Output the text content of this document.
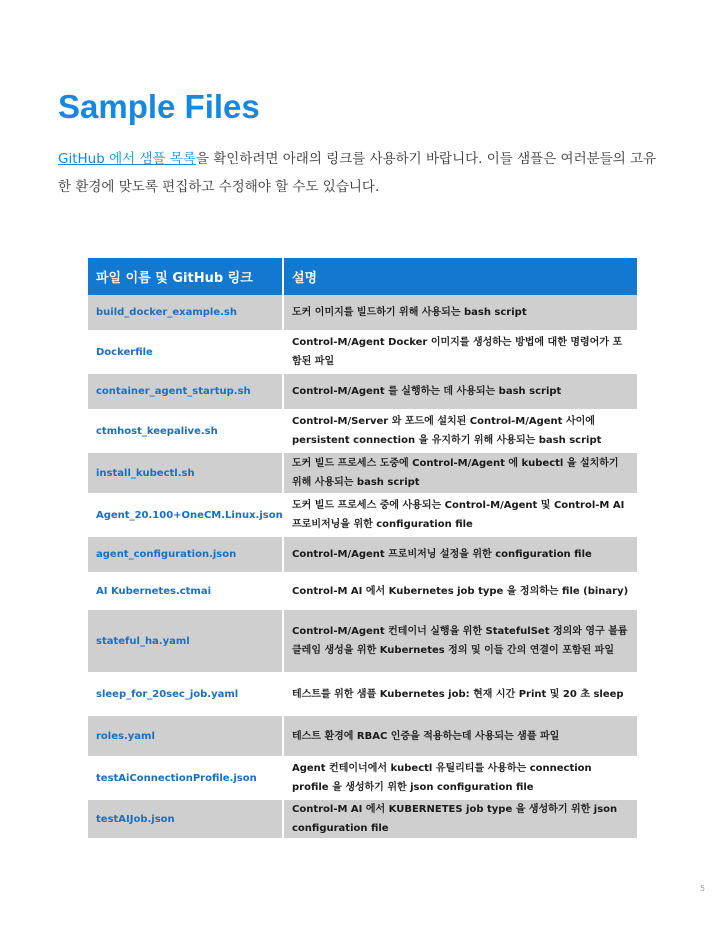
Sample Files

GitHub 에서 샘플 목록을 확인하려면 아래의 링크를 사용하기 바랍니다. 이들 샘플은 여러분들의 고유한 환경에 맞도록 편집하고 수정해야 할 수도 있습니다.

파일 이름 및 GitHub 링크	설명
build_docker_example.sh	도커 이미지를 빌드하기 위해 사용되는 bash script
Dockerfile	Control-M/Agent Docker 이미지를 생성하는 방법에 대한 명령어가 포함된 파일
container_agent_startup.sh	Control-M/Agent 를 실행하는 데 사용되는 bash script
ctmhost_keepalive.sh	Control-M/Server 와 포드에 설치된 Control-M/Agent 사이에 persistent connection 을 유지하기 위해 사용되는 bash script
install_kubectl.sh	도커 빌드 프로세스 도중에 Control-M/Agent 에 kubectl 을 설치하기 위해 사용되는 bash script
Agent_20.100+OneCM.Linux.json	도커 빌드 프로세스 중에 사용되는 Control-M/Agent 및 Control-M AI 프로비저닝을 위한 configuration file
agent_configuration.json	Control-M/Agent 프로비저닝 설정을 위한 configuration file
AI Kubernetes.ctmai	Control-M AI 에서 Kubernetes job type 을 정의하는 file (binary)
stateful_ha.yaml	Control-M/Agent 컨테이너 실행을 위한 StatefulSet 정의와 영구 볼륨 클레임 생성을 위한 Kubernetes 정의 및 이들 간의 연결이 포함된 파일
sleep_for_20sec_job.yaml	테스트를 위한 샘플 Kubernetes job: 현재 시간 Print 및 20 초 sleep
roles.yaml	테스트 환경에 RBAC 인증을 적용하는데 사용되는 샘플 파일
testAiConnectionProfile.json	Agent 컨테이너에서 kubectl 유틸리티를 사용하는 connection profile 을 생성하기 위한 json configuration file
testAIJob.json	Control-M AI 에서 KUBERNETES job type 을 생성하기 위한 json configuration file
5
